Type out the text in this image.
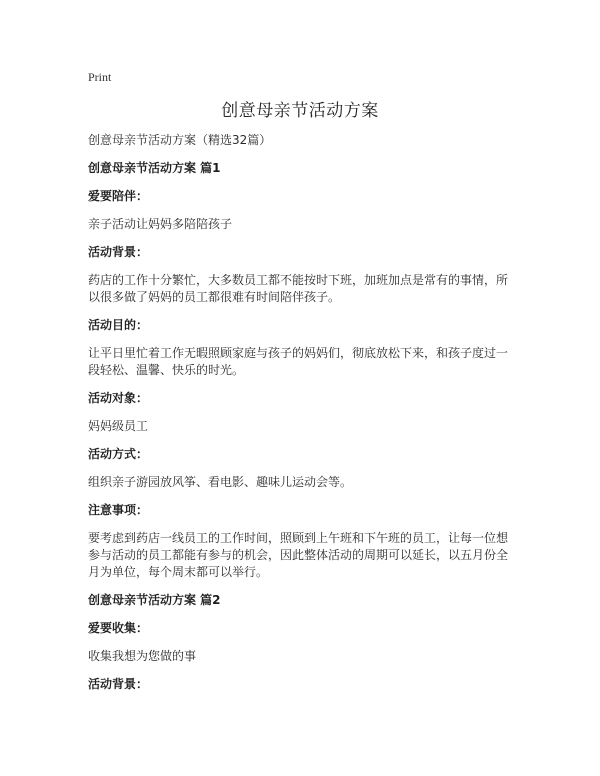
Print
创意母亲节活动方案
创意母亲节活动方案（精选32篇）
创意母亲节活动方案 篇1
爱要陪伴：
亲子活动让妈妈多陪陪孩子
活动背景：
药店的工作十分繁忙，大多数员工都不能按时下班，加班加点是常有的事情，所以很多做了妈妈的员工都很难有时间陪伴孩子。
活动目的：
让平日里忙着工作无暇照顾家庭与孩子的妈妈们，彻底放松下来，和孩子度过一段轻松、温馨、快乐的时光。
活动对象：
妈妈级员工
活动方式：
组织亲子游园放风筝、看电影、趣味儿运动会等。
注意事项：
要考虑到药店一线员工的工作时间，照顾到上午班和下午班的员工，让每一位想参与活动的员工都能有参与的机会，因此整体活动的周期可以延长，以五月份全月为单位，每个周末都可以举行。
创意母亲节活动方案 篇2
爱要收集：
收集我想为您做的事
活动背景：
